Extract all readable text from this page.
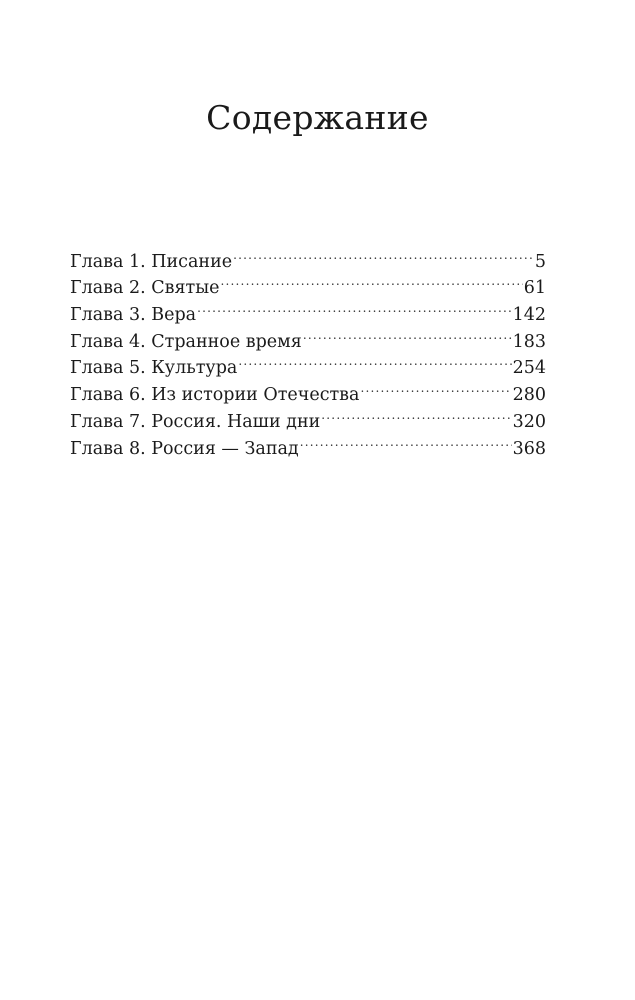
Содержание
Глава 1. Писание .....	5
Глава 2. Святые .....	61
Глава 3. Вера .....	142
Глава 4. Странное время .....	183
Глава 5. Культура .....	254
Глава 6. Из истории Отечества .....	280
Глава 7. Россия. Наши дни .....	320
Глава 8. Россия — Запад .....	368
